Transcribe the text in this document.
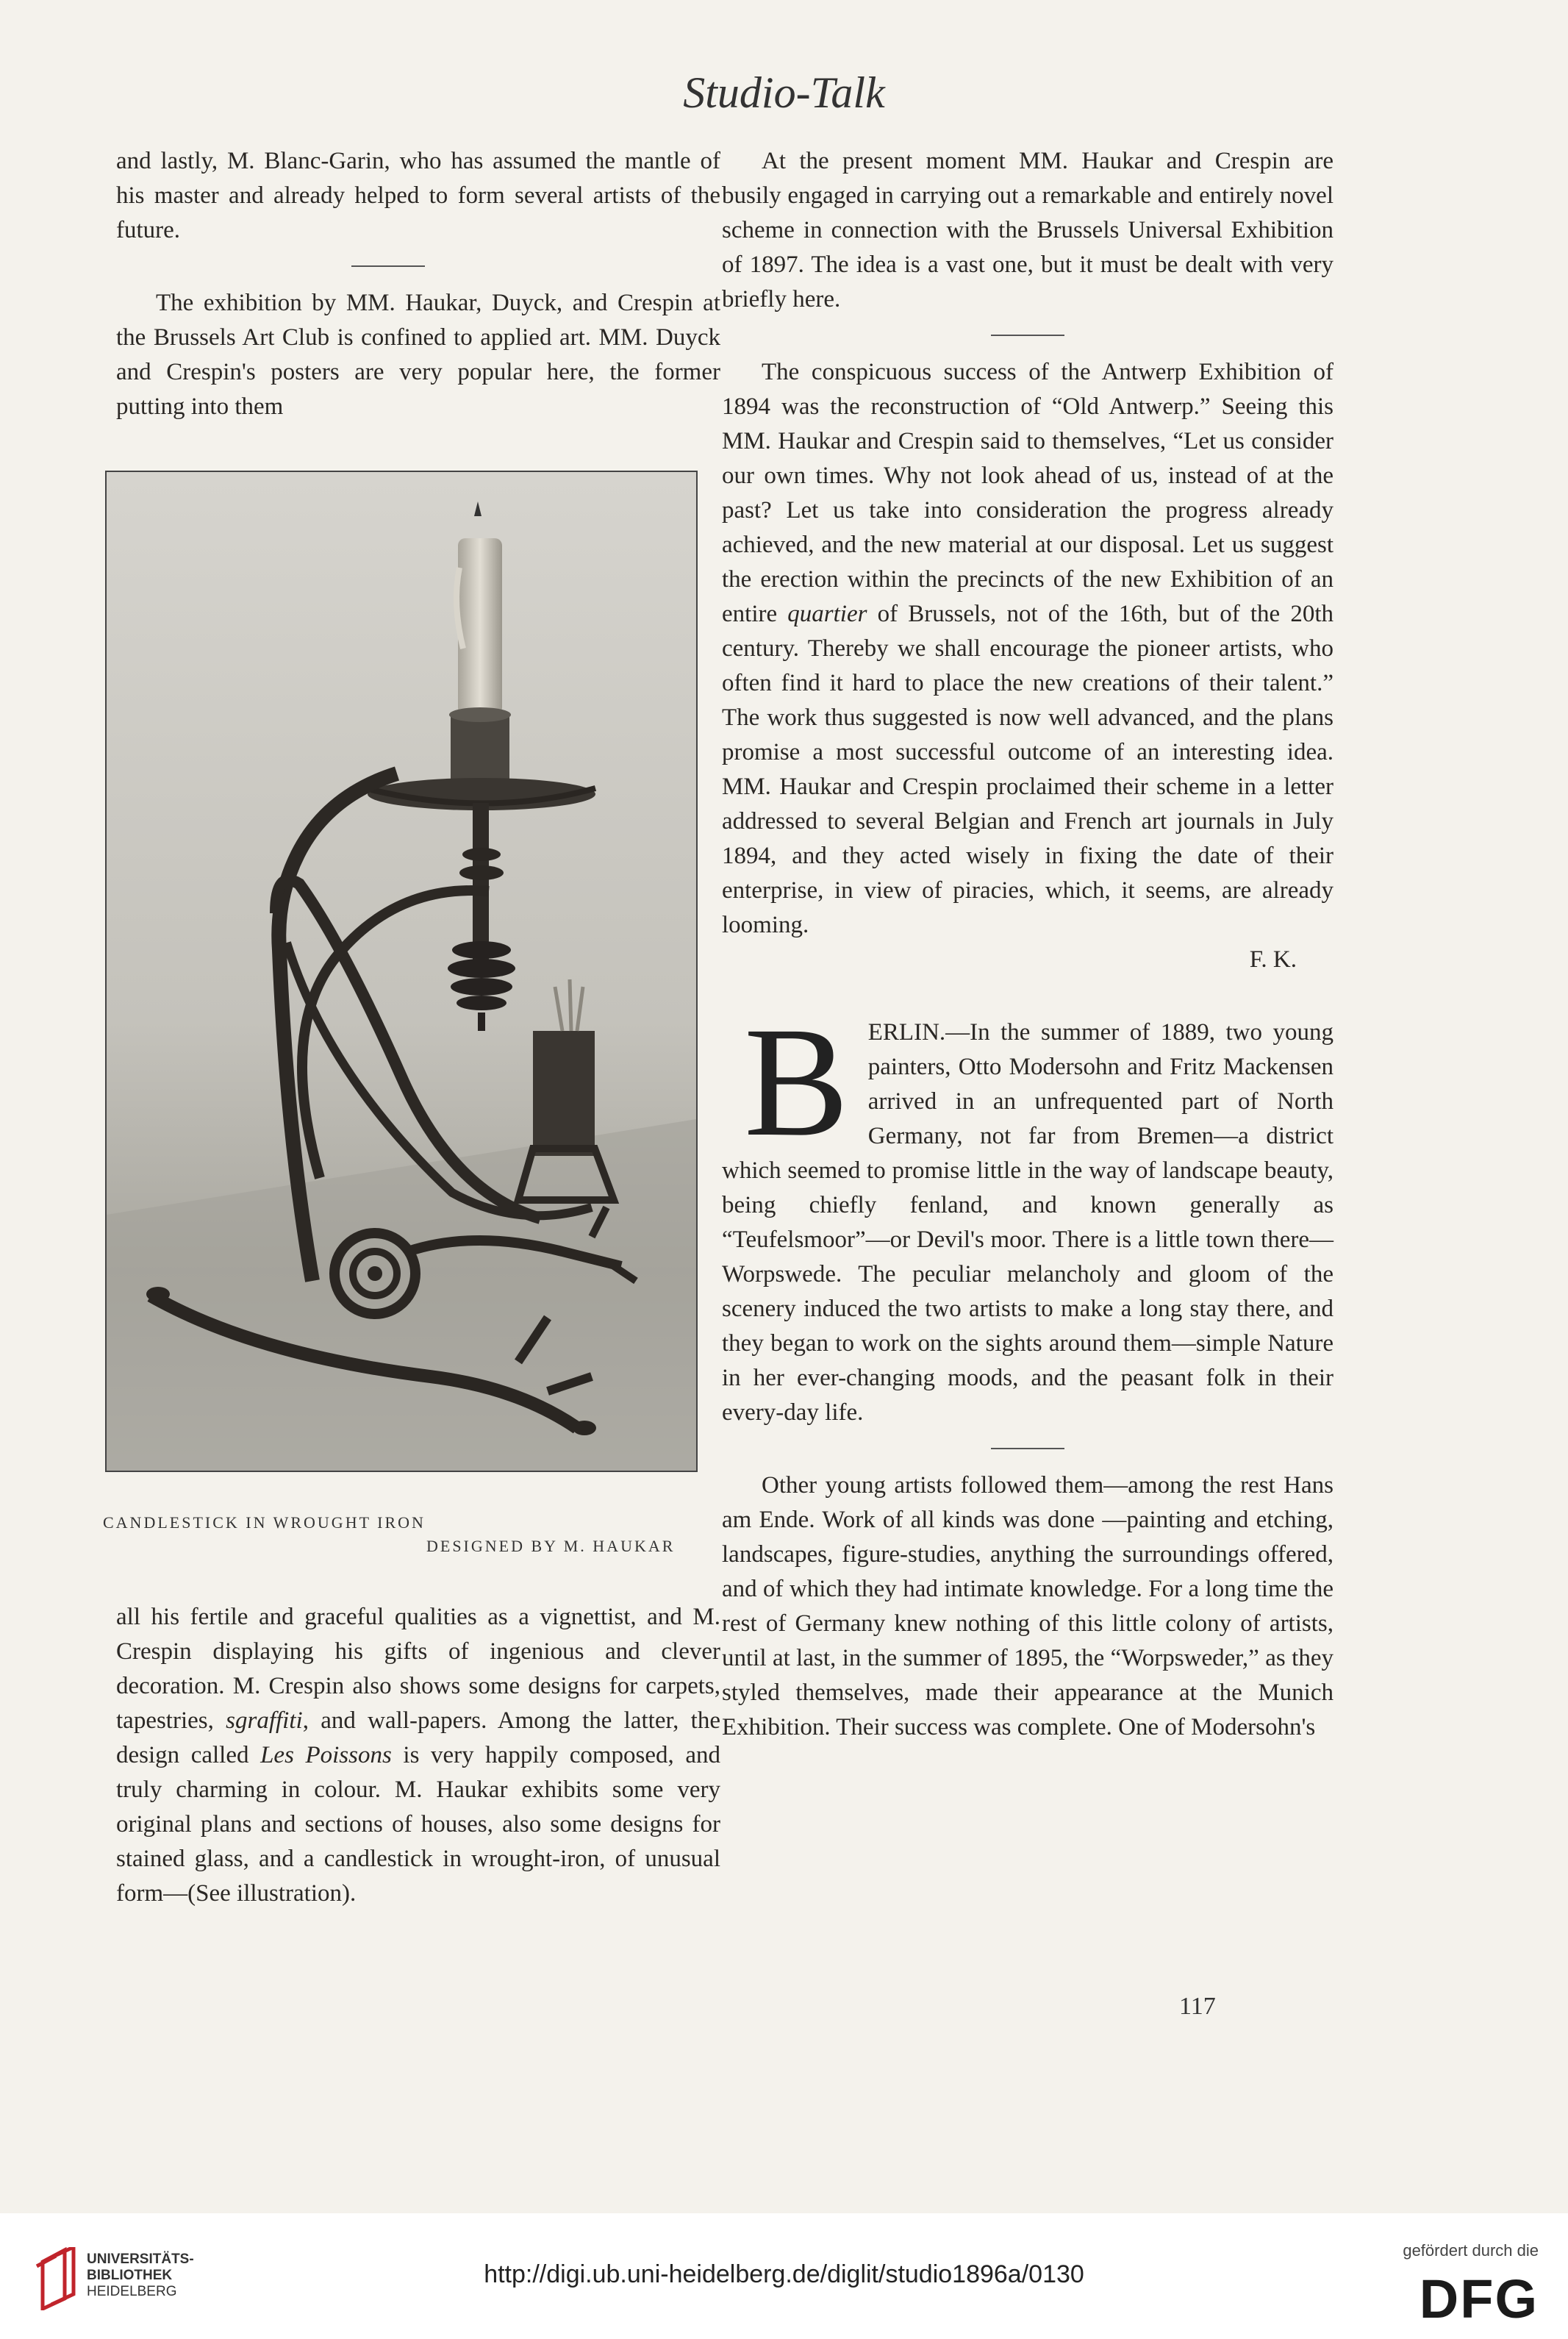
Studio-Talk

and lastly, M. Blanc-Garin, who has assumed the mantle of his master and already helped to form several artists of the future.

The exhibition by MM. Haukar, Duyck, and Crespin at the Brussels Art Club is confined to applied art. MM. Duyck and Crespin's posters are very popular here, the former putting into them

CANDLESTICK IN WROUGHT IRON
DESIGNED BY M. HAUKAR

all his fertile and graceful qualities as a vignettist, and M. Crespin displaying his gifts of ingenious and clever decoration. M. Crespin also shows some designs for carpets, tapestries, sgraffiti, and wall-papers. Among the latter, the design called Les Poissons is very happily composed, and truly charming in colour. M. Haukar exhibits some very original plans and sections of houses, also some designs for stained glass, and a candlestick in wrought-iron, of unusual form—(See illustration).

At the present moment MM. Haukar and Crespin are busily engaged in carrying out a remarkable and entirely novel scheme in connection with the Brussels Universal Exhibition of 1897. The idea is a vast one, but it must be dealt with very briefly here.

The conspicuous success of the Antwerp Exhibition of 1894 was the reconstruction of “Old Antwerp.” Seeing this MM. Haukar and Crespin said to themselves, “Let us consider our own times. Why not look ahead of us, instead of at the past? Let us take into consideration the progress already achieved, and the new material at our disposal. Let us suggest the erection within the precincts of the new Exhibition of an entire quartier of Brussels, not of the 16th, but of the 20th century. Thereby we shall encourage the pioneer artists, who often find it hard to place the new creations of their talent.” The work thus suggested is now well advanced, and the plans promise a most successful outcome of an interesting idea. MM. Haukar and Crespin proclaimed their scheme in a letter addressed to several Belgian and French art journals in July 1894, and they acted wisely in fixing the date of their enterprise, in view of piracies, which, it seems, are already looming.

F. K.
B ERLIN.—In the summer of 1889, two young painters, Otto Modersohn and Fritz Mackensen arrived in an unfrequented part of North Germany, not far from Bremen—a district which seemed to promise little in the way of landscape beauty, being chiefly fenland, and known generally as “Teufelsmoor”—or Devil's moor. There is a little town there—Worpswede. The peculiar melancholy and gloom of the scenery induced the two artists to make a long stay there, and they began to work on the sights around them—simple Nature in her ever-changing moods, and the peasant folk in their every-day life.

Other young artists followed them—among the rest Hans am Ende. Work of all kinds was done —painting and etching, landscapes, figure-studies, anything the surroundings offered, and of which they had intimate knowledge. For a long time the rest of Germany knew nothing of this little colony of artists, until at last, in the summer of 1895, the “Worpsweder,” as they styled themselves, made their appearance at the Munich Exhibition. Their success was complete. One of Modersohn's

117
UNIVERSITÄTS-
BIBLIOTHEK
HEIDELBERG
http://digi.ub.uni-heidelberg.de/diglit/studio1896a/0130
gefördert durch die
DFG
